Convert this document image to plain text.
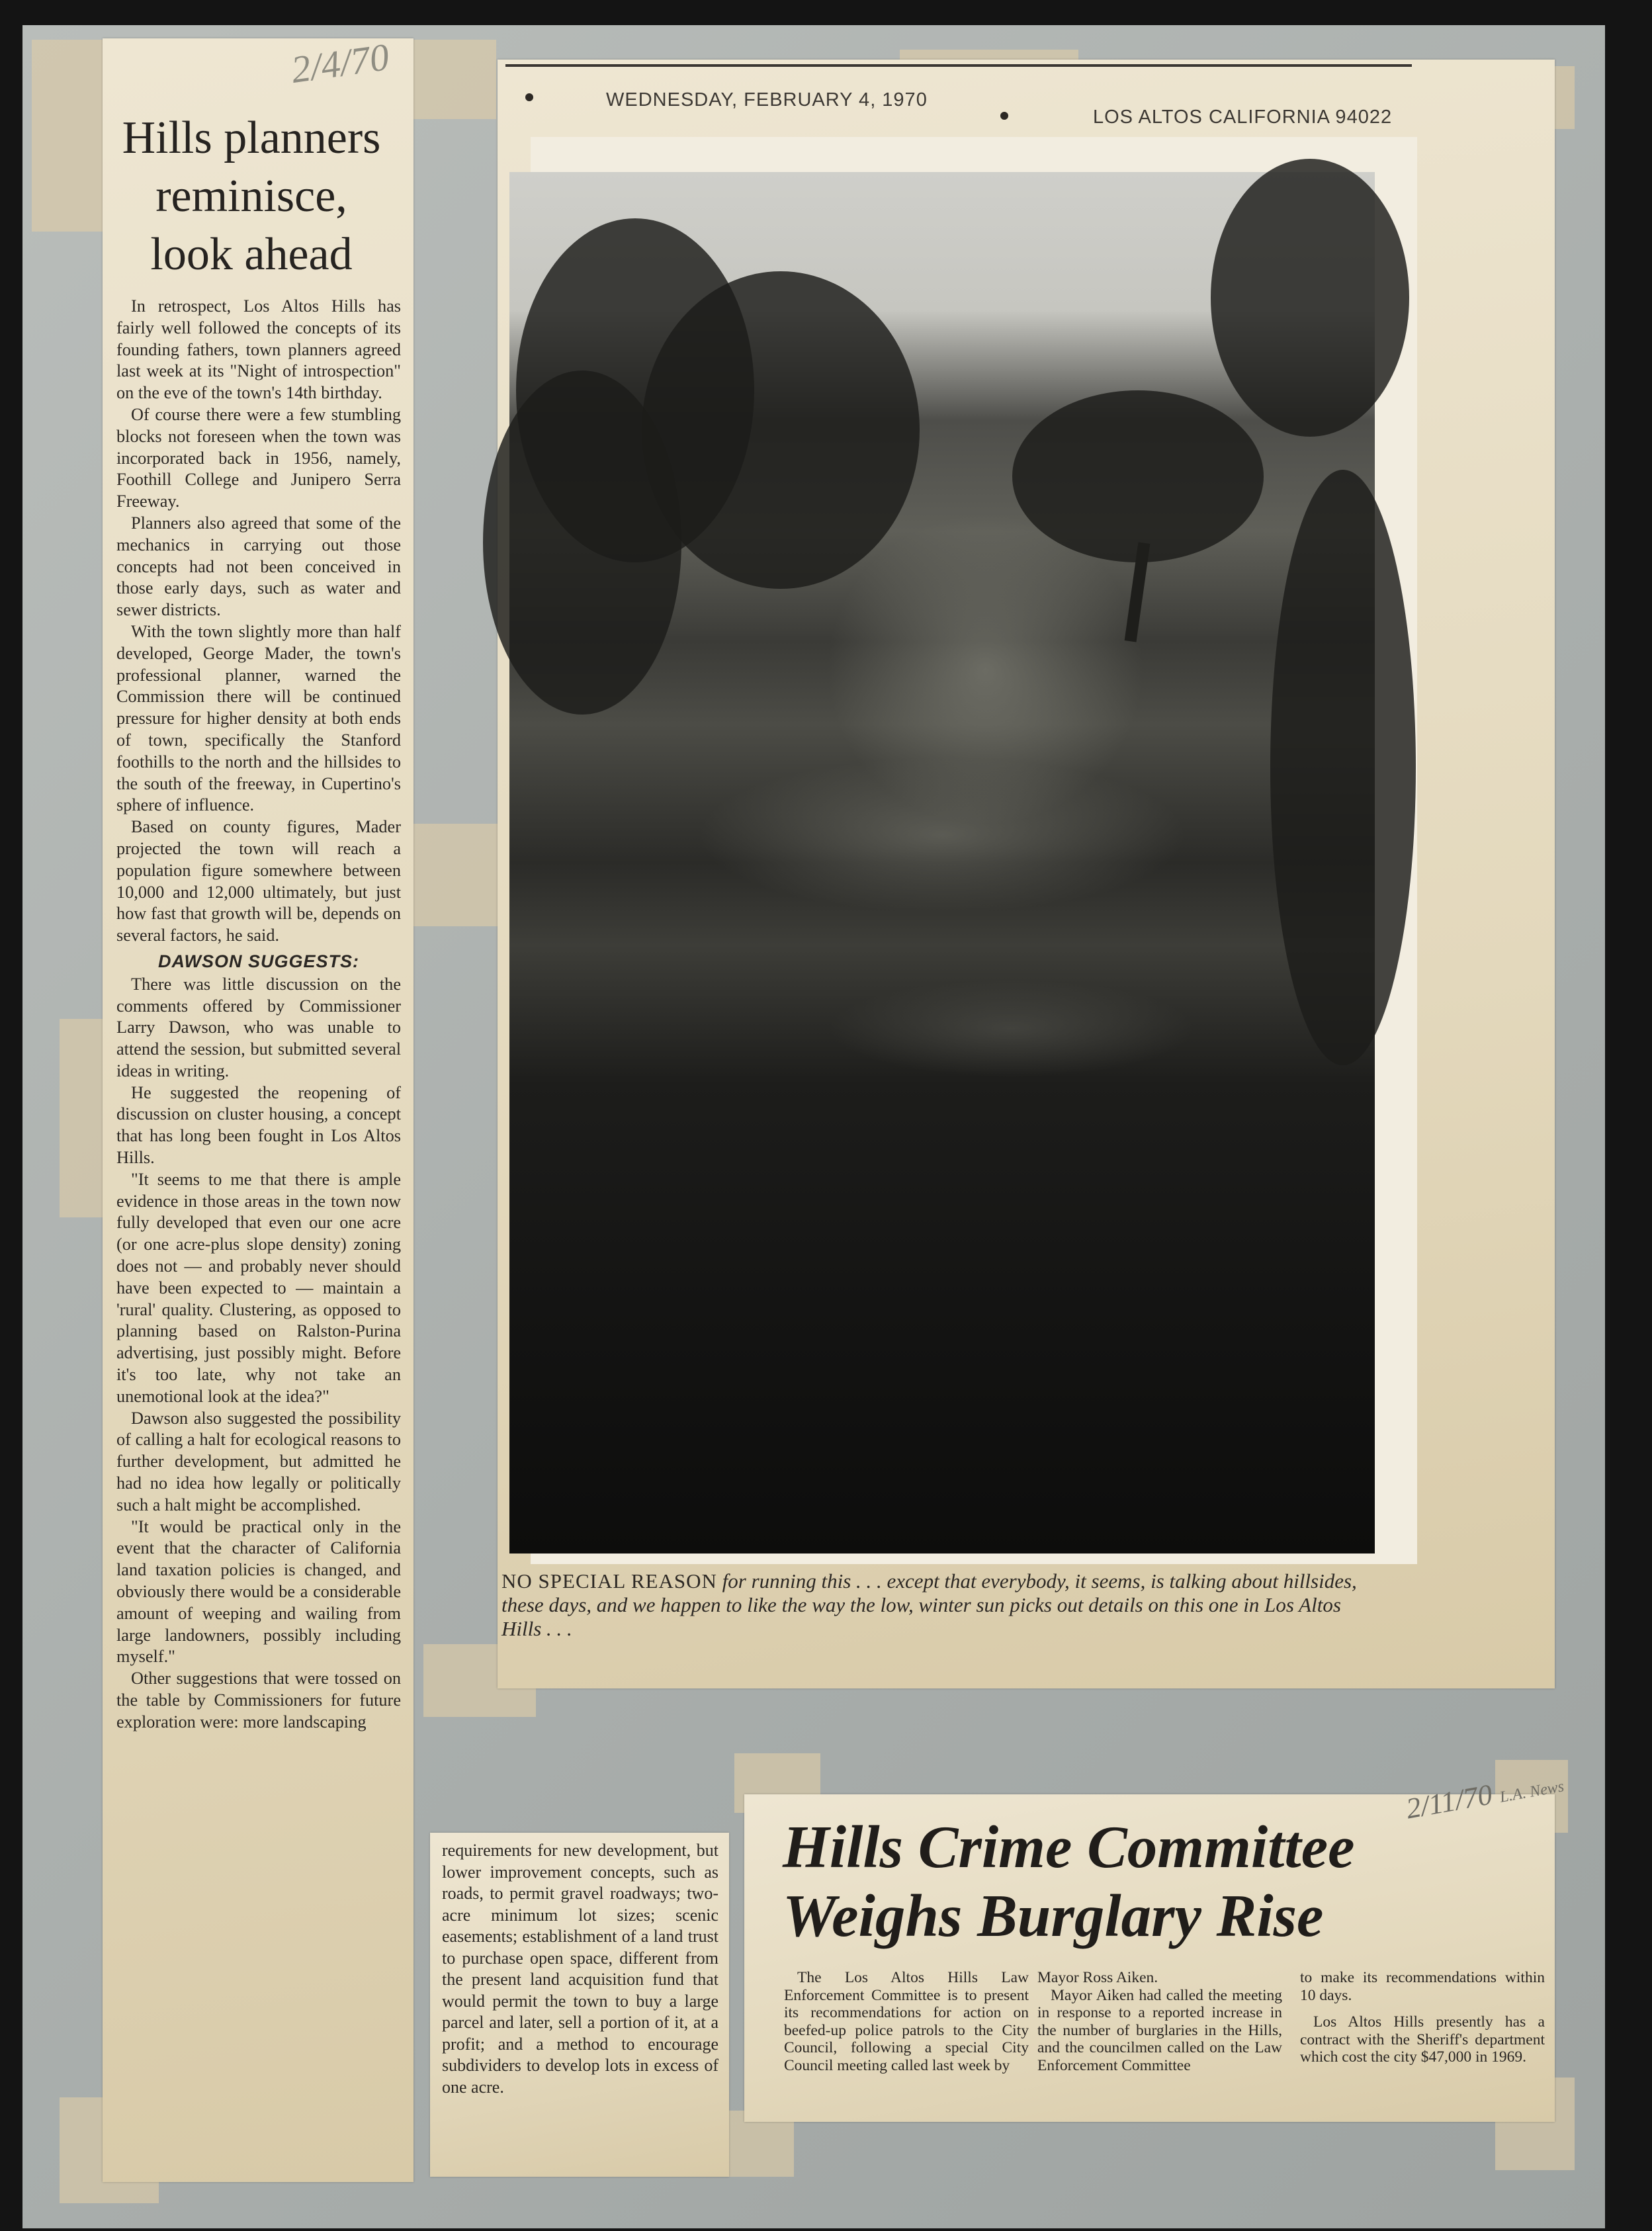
2/4/70
Hills planners
reminisce,
look ahead

In retrospect, Los Altos Hills has fairly well followed the concepts of its founding fathers, town planners agreed last week at its "Night of introspection" on the eve of the town's 14th birthday.

Of course there were a few stumbling blocks not foreseen when the town was incorporated back in 1956, namely, Foothill College and Junipero Serra Freeway.

Planners also agreed that some of the mechanics in carrying out those concepts had not been conceived in those early days, such as water and sewer districts.

With the town slightly more than half developed, George Mader, the town's professional planner, warned the Commission there will be continued pressure for higher density at both ends of town, specifically the Stanford foothills to the north and the hillsides to the south of the freeway, in Cupertino's sphere of influence.

Based on county figures, Mader projected the town will reach a population figure somewhere between 10,000 and 12,000 ultimately, but just how fast that growth will be, depends on several factors, he said.

DAWSON SUGGESTS:

There was little discussion on the comments offered by Commissioner Larry Dawson, who was unable to attend the session, but submitted several ideas in writing.

He suggested the reopening of discussion on cluster housing, a concept that has long been fought in Los Altos Hills.

"It seems to me that there is ample evidence in those areas in the town now fully developed that even our one acre (or one acre-plus slope density) zoning does not — and probably never should have been expected to — maintain a 'rural' quality. Clustering, as opposed to planning based on Ralston-Purina advertising, just possibly might. Before it's too late, why not take an unemotional look at the idea?"

Dawson also suggested the possibility of calling a halt for ecological reasons to further development, but admitted he had no idea how legally or politically such a halt might be accomplished.

"It would be practical only in the event that the character of California land taxation policies is changed, and obviously there would be a considerable amount of weeping and wailing from large landowners, possibly including myself."

Other suggestions that were tossed on the table by Commissioners for future exploration were: more landscaping

requirements for new development, but lower improvement concepts, such as roads, to permit gravel roadways; two-acre minimum lot sizes; scenic easements; establishment of a land trust to purchase open space, different from the present land acquisition fund that would permit the town to buy a large parcel and later, sell a portion of it, at a profit; and a method to encourage subdividers to develop lots in excess of one acre.
WEDNESDAY, FEBRUARY 4, 1970
LOS ALTOS CALIFORNIA 94022
NO SPECIAL REASON for running this . . . except that everybody, it seems, is talking about hillsides, these days, and we happen to like the way the low, winter sun picks out details on this one in Los Altos Hills . . .
2/11/70 L.A. News
Hills Crime Committee
Weighs Burglary Rise

The Los Altos Hills Law Enforcement Committee is to present its recommendations for action on beefed-up police patrols to the City Council, following a special City Council meeting called last week by

Mayor Ross Aiken.

Mayor Aiken had called the meeting in response to a reported increase in the number of burglaries in the Hills, and the councilmen called on the Law Enforcement Committee

to make its recommendations within 10 days.

Los Altos Hills presently has a contract with the Sheriff's department which cost the city $47,000 in 1969.
